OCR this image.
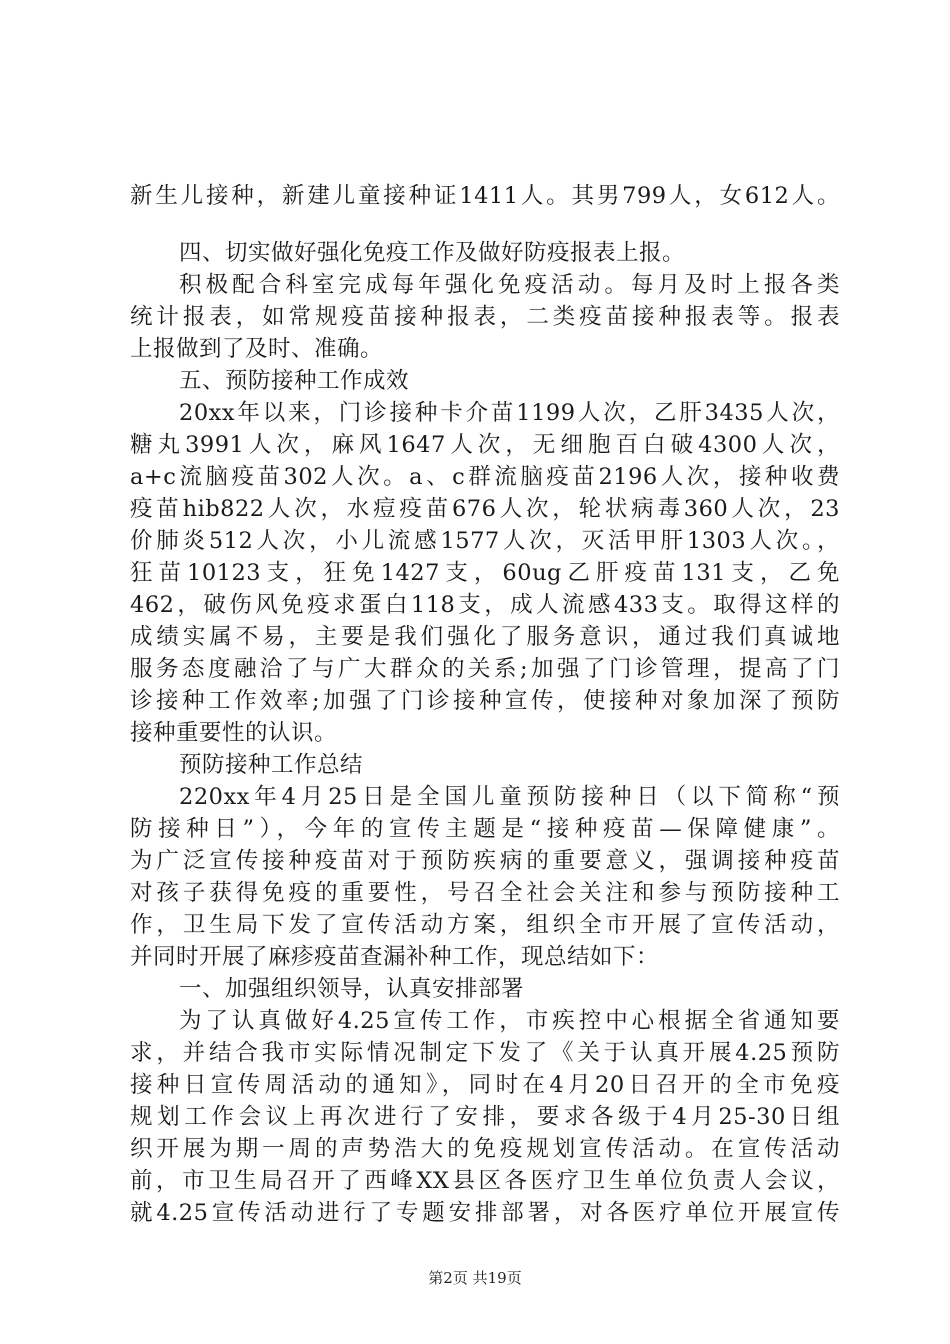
新生儿接种，新建儿童接种证1411人。其男799人，女612人。
四、切实做好强化免疫工作及做好防疫报表上报。
积极配合科室完成每年强化免疫活动。每月及时上报各类
统计报表，如常规疫苗接种报表，二类疫苗接种报表等。报表
上报做到了及时、准确。
五、预防接种工作成效
20xx年以来，门诊接种卡介苗1199人次，乙肝3435人次，
糖丸3991人次，麻风1647人次，无细胞百白破4300人次，
a+c流脑疫苗302人次。a、c群流脑疫苗2196人次，接种收费
疫苗hib822人次，水痘疫苗676人次，轮状病毒360人次，23
价肺炎512人次，小儿流感1577人次，灭活甲肝1303人次。，
狂苗10123支，狂免1427支，60ug乙肝疫苗131支，乙免
462，破伤风免疫求蛋白118支，成人流感433支。取得这样的
成绩实属不易，主要是我们强化了服务意识，通过我们真诚地
服务态度融洽了与广大群众的关系;加强了门诊管理，提高了门
诊接种工作效率;加强了门诊接种宣传，使接种对象加深了预防
接种重要性的认识。
预防接种工作总结
220xx年4月25日是全国儿童预防接种日（以下简称“预
防接种日”），今年的宣传主题是“接种疫苗—保障健康”。
为广泛宣传接种疫苗对于预防疾病的重要意义，强调接种疫苗
对孩子获得免疫的重要性，号召全社会关注和参与预防接种工
作，卫生局下发了宣传活动方案，组织全市开展了宣传活动，
并同时开展了麻疹疫苗查漏补种工作，现总结如下：
一、加强组织领导，认真安排部署
为了认真做好4.25宣传工作，市疾控中心根据全省通知要
求，并结合我市实际情况制定下发了《关于认真开展4.25预防
接种日宣传周活动的通知》，同时在4月20日召开的全市免疫
规划工作会议上再次进行了安排，要求各级于4月25-30日组
织开展为期一周的声势浩大的免疫规划宣传活动。在宣传活动
前，市卫生局召开了西峰XX县区各医疗卫生单位负责人会议，
就4.25宣传活动进行了专题安排部署，对各医疗单位开展宣传
第2页 共19页
